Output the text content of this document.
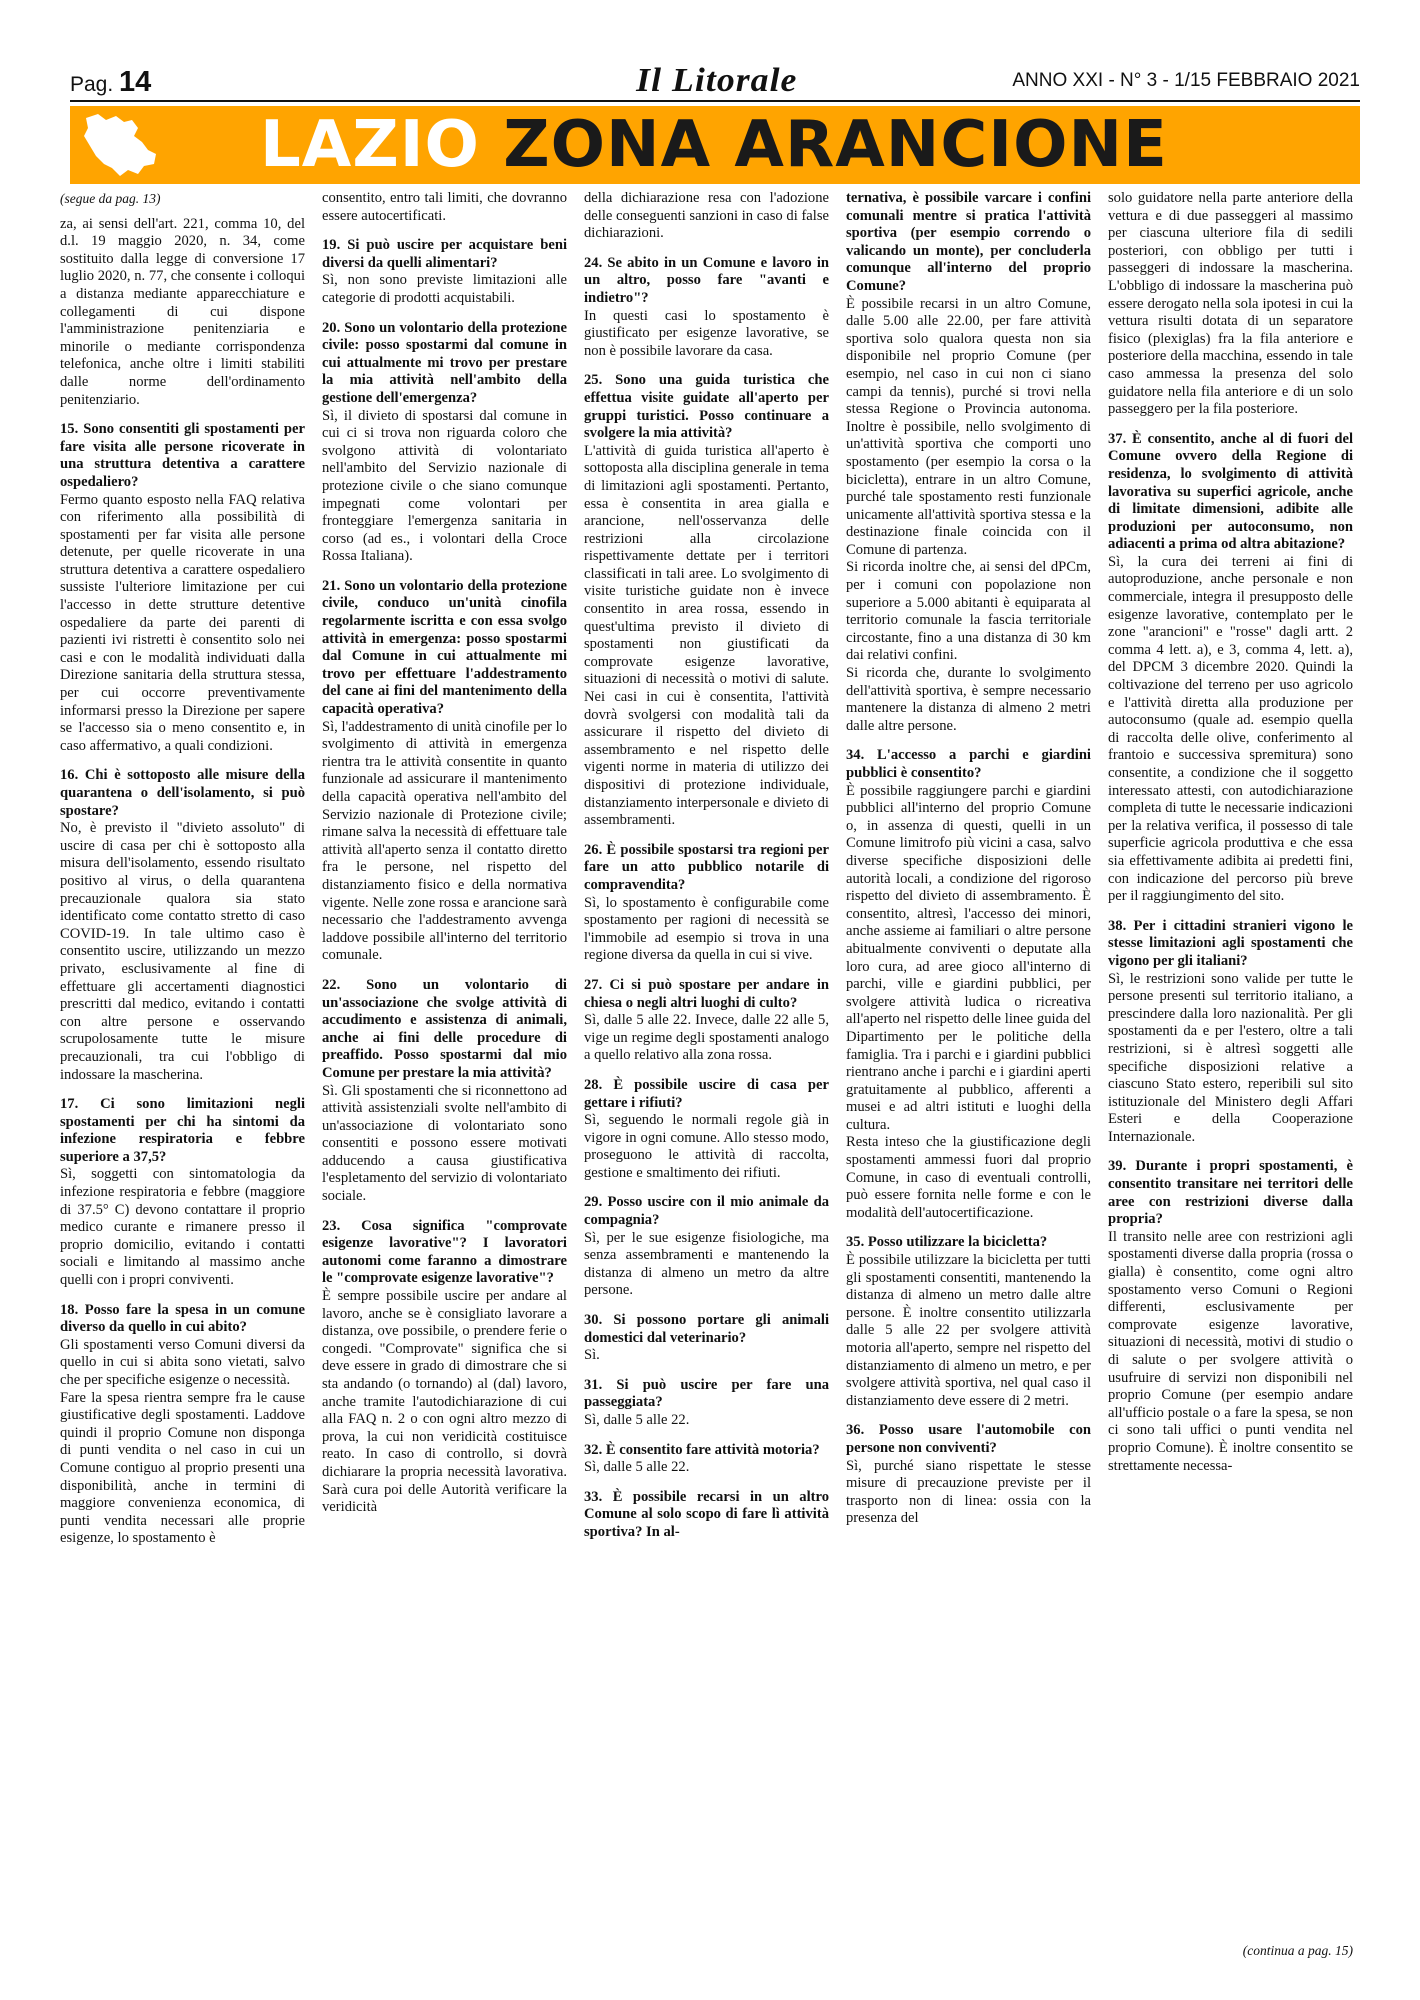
Pag. 14	Il Litorale	ANNO XXI - N° 3 - 1/15 FEBBRAIO 2021
LAZIO ZONA ARANCIONE

(segue da pag. 13)

za, ai sensi dell'art. 221, comma 10, del d.l. 19 maggio 2020, n. 34, come sostituito dalla legge di conversione 17 luglio 2020, n. 77, che consente i colloqui a distanza mediante apparecchiature e collegamenti di cui dispone l'amministrazione penitenziaria e minorile o mediante corrispondenza telefonica, anche oltre i limiti stabiliti dalle norme dell'ordinamento penitenziario.

15. Sono consentiti gli spostamenti per fare visita alle persone ricoverate in una struttura detentiva a carattere ospedaliero?

Fermo quanto esposto nella FAQ relativa con riferimento alla possibilità di spostamenti per far visita alle persone detenute, per quelle ricoverate in una struttura detentiva a carattere ospedaliero sussiste l'ulteriore limitazione per cui l'accesso in dette strutture detentive ospedaliere da parte dei parenti di pazienti ivi ristretti è consentito solo nei casi e con le modalità individuati dalla Direzione sanitaria della struttura stessa, per cui occorre preventivamente informarsi presso la Direzione per sapere se l'accesso sia o meno consentito e, in caso affermativo, a quali condizioni.

16. Chi è sottoposto alle misure della quarantena o dell'isolamento, si può spostare?

No, è previsto il "divieto assoluto" di uscire di casa per chi è sottoposto alla misura dell'isolamento, essendo risultato positivo al virus, o della quarantena precauzionale qualora sia stato identificato come contatto stretto di caso COVID-19. In tale ultimo caso è consentito uscire, utilizzando un mezzo privato, esclusivamente al fine di effettuare gli accertamenti diagnostici prescritti dal medico, evitando i contatti con altre persone e osservando scrupolosamente tutte le misure precauzionali, tra cui l'obbligo di indossare la mascherina.

17. Ci sono limitazioni negli spostamenti per chi ha sintomi da infezione respiratoria e febbre superiore a 37,5?

Sì, soggetti con sintomatologia da infezione respiratoria e febbre (maggiore di 37.5° C) devono contattare il proprio medico curante e rimanere presso il proprio domicilio, evitando i contatti sociali e limitando al massimo anche quelli con i propri conviventi.

18. Posso fare la spesa in un comune diverso da quello in cui abito?

Gli spostamenti verso Comuni diversi da quello in cui si abita sono vietati, salvo che per specifiche esigenze o necessità.

Fare la spesa rientra sempre fra le cause giustificative degli spostamenti. Laddove quindi il proprio Comune non disponga di punti vendita o nel caso in cui un Comune contiguo al proprio presenti una disponibilità, anche in termini di maggiore convenienza economica, di punti vendita necessari alle proprie esigenze, lo spostamento è

consentito, entro tali limiti, che dovranno essere autocertificati.

19. Si può uscire per acquistare beni diversi da quelli alimentari?

Sì, non sono previste limitazioni alle categorie di prodotti acquistabili.

20. Sono un volontario della protezione civile: posso spostarmi dal comune in cui attualmente mi trovo per prestare la mia attività nell'ambito della gestione dell'emergenza?

Sì, il divieto di spostarsi dal comune in cui ci si trova non riguarda coloro che svolgono attività di volontariato nell'ambito del Servizio nazionale di protezione civile o che siano comunque impegnati come volontari per fronteggiare l'emergenza sanitaria in corso (ad es., i volontari della Croce Rossa Italiana).

21. Sono un volontario della protezione civile, conduco un'unità cinofila regolarmente iscritta e con essa svolgo attività in emergenza: posso spostarmi dal Comune in cui attualmente mi trovo per effettuare l'addestramento del cane ai fini del mantenimento della capacità operativa?

Sì, l'addestramento di unità cinofile per lo svolgimento di attività in emergenza rientra tra le attività consentite in quanto funzionale ad assicurare il mantenimento della capacità operativa nell'ambito del Servizio nazionale di Protezione civile; rimane salva la necessità di effettuare tale attività all'aperto senza il contatto diretto fra le persone, nel rispetto del distanziamento fisico e della normativa vigente. Nelle zone rossa e arancione sarà necessario che l'addestramento avvenga laddove possibile all'interno del territorio comunale.

22. Sono un volontario di un'associazione che svolge attività di accudimento e assistenza di animali, anche ai fini delle procedure di preaffido. Posso spostarmi dal mio Comune per prestare la mia attività?

Sì. Gli spostamenti che si riconnettono ad attività assistenziali svolte nell'ambito di un'associazione di volontariato sono consentiti e possono essere motivati adducendo a causa giustificativa l'espletamento del servizio di volontariato sociale.

23. Cosa significa "comprovate esigenze lavorative"? I lavoratori autonomi come faranno a dimostrare le "comprovate esigenze lavorative"?

È sempre possibile uscire per andare al lavoro, anche se è consigliato lavorare a distanza, ove possibile, o prendere ferie o congedi. "Comprovate" significa che si deve essere in grado di dimostrare che si sta andando (o tornando) al (dal) lavoro, anche tramite l'autodichiarazione di cui alla FAQ n. 2 o con ogni altro mezzo di prova, la cui non veridicità costituisce reato. In caso di controllo, si dovrà dichiarare la propria necessità lavorativa. Sarà cura poi delle Autorità verificare la veridicità

della dichiarazione resa con l'adozione delle conseguenti sanzioni in caso di false dichiarazioni.

24. Se abito in un Comune e lavoro in un altro, posso fare "avanti e indietro"?

In questi casi lo spostamento è giustificato per esigenze lavorative, se non è possibile lavorare da casa.

25. Sono una guida turistica che effettua visite guidate all'aperto per gruppi turistici. Posso continuare a svolgere la mia attività?

L'attività di guida turistica all'aperto è sottoposta alla disciplina generale in tema di limitazioni agli spostamenti. Pertanto, essa è consentita in area gialla e arancione, nell'osservanza delle restrizioni alla circolazione rispettivamente dettate per i territori classificati in tali aree. Lo svolgimento di visite turistiche guidate non è invece consentito in area rossa, essendo in quest'ultima previsto il divieto di spostamenti non giustificati da comprovate esigenze lavorative, situazioni di necessità o motivi di salute. Nei casi in cui è consentita, l'attività dovrà svolgersi con modalità tali da assicurare il rispetto del divieto di assembramento e nel rispetto delle vigenti norme in materia di utilizzo dei dispositivi di protezione individuale, distanziamento interpersonale e divieto di assembramenti.

26. È possibile spostarsi tra regioni per fare un atto pubblico notarile di compravendita?

Sì, lo spostamento è configurabile come spostamento per ragioni di necessità se l'immobile ad esempio si trova in una regione diversa da quella in cui si vive.

27. Ci si può spostare per andare in chiesa o negli altri luoghi di culto?

Sì, dalle 5 alle 22. Invece, dalle 22 alle 5, vige un regime degli spostamenti analogo a quello relativo alla zona rossa.

28. È possibile uscire di casa per gettare i rifiuti?

Sì, seguendo le normali regole già in vigore in ogni comune. Allo stesso modo, proseguono le attività di raccolta, gestione e smaltimento dei rifiuti.

29. Posso uscire con il mio animale da compagnia?

Sì, per le sue esigenze fisiologiche, ma senza assembramenti e mantenendo la distanza di almeno un metro da altre persone.

30. Si possono portare gli animali domestici dal veterinario?

Sì.

31. Si può uscire per fare una passeggiata?

Sì, dalle 5 alle 22.

32. È consentito fare attività motoria?

Sì, dalle 5 alle 22.

33. È possibile recarsi in un altro Comune al solo scopo di fare lì attività sportiva? In al-

ternativa, è possibile varcare i confini comunali mentre si pratica l'attività sportiva (per esempio correndo o valicando un monte), per concluderla comunque all'interno del proprio Comune?

È possibile recarsi in un altro Comune, dalle 5.00 alle 22.00, per fare attività sportiva solo qualora questa non sia disponibile nel proprio Comune (per esempio, nel caso in cui non ci siano campi da tennis), purché si trovi nella stessa Regione o Provincia autonoma. Inoltre è possibile, nello svolgimento di un'attività sportiva che comporti uno spostamento (per esempio la corsa o la bicicletta), entrare in un altro Comune, purché tale spostamento resti funzionale unicamente all'attività sportiva stessa e la destinazione finale coincida con il Comune di partenza.

Si ricorda inoltre che, ai sensi del dPCm, per i comuni con popolazione non superiore a 5.000 abitanti è equiparata al territorio comunale la fascia territoriale circostante, fino a una distanza di 30 km dai relativi confini.

Si ricorda che, durante lo svolgimento dell'attività sportiva, è sempre necessario mantenere la distanza di almeno 2 metri dalle altre persone.

34. L'accesso a parchi e giardini pubblici è consentito?

È possibile raggiungere parchi e giardini pubblici all'interno del proprio Comune o, in assenza di questi, quelli in un Comune limitrofo più vicini a casa, salvo diverse specifiche disposizioni delle autorità locali, a condizione del rigoroso rispetto del divieto di assembramento. È consentito, altresì, l'accesso dei minori, anche assieme ai familiari o altre persone abitualmente conviventi o deputate alla loro cura, ad aree gioco all'interno di parchi, ville e giardini pubblici, per svolgere attività ludica o ricreativa all'aperto nel rispetto delle linee guida del Dipartimento per le politiche della famiglia. Tra i parchi e i giardini pubblici rientrano anche i parchi e i giardini aperti gratuitamente al pubblico, afferenti a musei e ad altri istituti e luoghi della cultura.

Resta inteso che la giustificazione degli spostamenti ammessi fuori dal proprio Comune, in caso di eventuali controlli, può essere fornita nelle forme e con le modalità dell'autocertificazione.

35. Posso utilizzare la bicicletta?

È possibile utilizzare la bicicletta per tutti gli spostamenti consentiti, mantenendo la distanza di almeno un metro dalle altre persone. È inoltre consentito utilizzarla dalle 5 alle 22 per svolgere attività motoria all'aperto, sempre nel rispetto del distanziamento di almeno un metro, e per svolgere attività sportiva, nel qual caso il distanziamento deve essere di 2 metri.

36. Posso usare l'automobile con persone non conviventi?

Sì, purché siano rispettate le stesse misure di precauzione previste per il trasporto non di linea: ossia con la presenza del

solo guidatore nella parte anteriore della vettura e di due passeggeri al massimo per ciascuna ulteriore fila di sedili posteriori, con obbligo per tutti i passeggeri di indossare la mascherina. L'obbligo di indossare la mascherina può essere derogato nella sola ipotesi in cui la vettura risulti dotata di un separatore fisico (plexiglas) fra la fila anteriore e posteriore della macchina, essendo in tale caso ammessa la presenza del solo guidatore nella fila anteriore e di un solo passeggero per la fila posteriore.

37. È consentito, anche al di fuori del Comune ovvero della Regione di residenza, lo svolgimento di attività lavorativa su superfici agricole, anche di limitate dimensioni, adibite alle produzioni per autoconsumo, non adiacenti a prima od altra abitazione?

Sì, la cura dei terreni ai fini di autoproduzione, anche personale e non commerciale, integra il presupposto delle esigenze lavorative, contemplato per le zone "arancioni" e "rosse" dagli artt. 2 comma 4 lett. a), e 3, comma 4, lett. a), del DPCM 3 dicembre 2020. Quindi la coltivazione del terreno per uso agricolo e l'attività diretta alla produzione per autoconsumo (quale ad. esempio quella di raccolta delle olive, conferimento al frantoio e successiva spremitura) sono consentite, a condizione che il soggetto interessato attesti, con autodichiarazione completa di tutte le necessarie indicazioni per la relativa verifica, il possesso di tale superficie agricola produttiva e che essa sia effettivamente adibita ai predetti fini, con indicazione del percorso più breve per il raggiungimento del sito.

38. Per i cittadini stranieri vigono le stesse limitazioni agli spostamenti che vigono per gli italiani?

Sì, le restrizioni sono valide per tutte le persone presenti sul territorio italiano, a prescindere dalla loro nazionalità. Per gli spostamenti da e per l'estero, oltre a tali restrizioni, si è altresì soggetti alle specifiche disposizioni relative a ciascuno Stato estero, reperibili sul sito istituzionale del Ministero degli Affari Esteri e della Cooperazione Internazionale.

39. Durante i propri spostamenti, è consentito transitare nei territori delle aree con restrizioni diverse dalla propria?

Il transito nelle aree con restrizioni agli spostamenti diverse dalla propria (rossa o gialla) è consentito, come ogni altro spostamento verso Comuni o Regioni differenti, esclusivamente per comprovate esigenze lavorative, situazioni di necessità, motivi di studio o di salute o per svolgere attività o usufruire di servizi non disponibili nel proprio Comune (per esempio andare all'ufficio postale o a fare la spesa, se non ci sono tali uffici o punti vendita nel proprio Comune). È inoltre consentito se strettamente necessa-

(continua a pag. 15)
